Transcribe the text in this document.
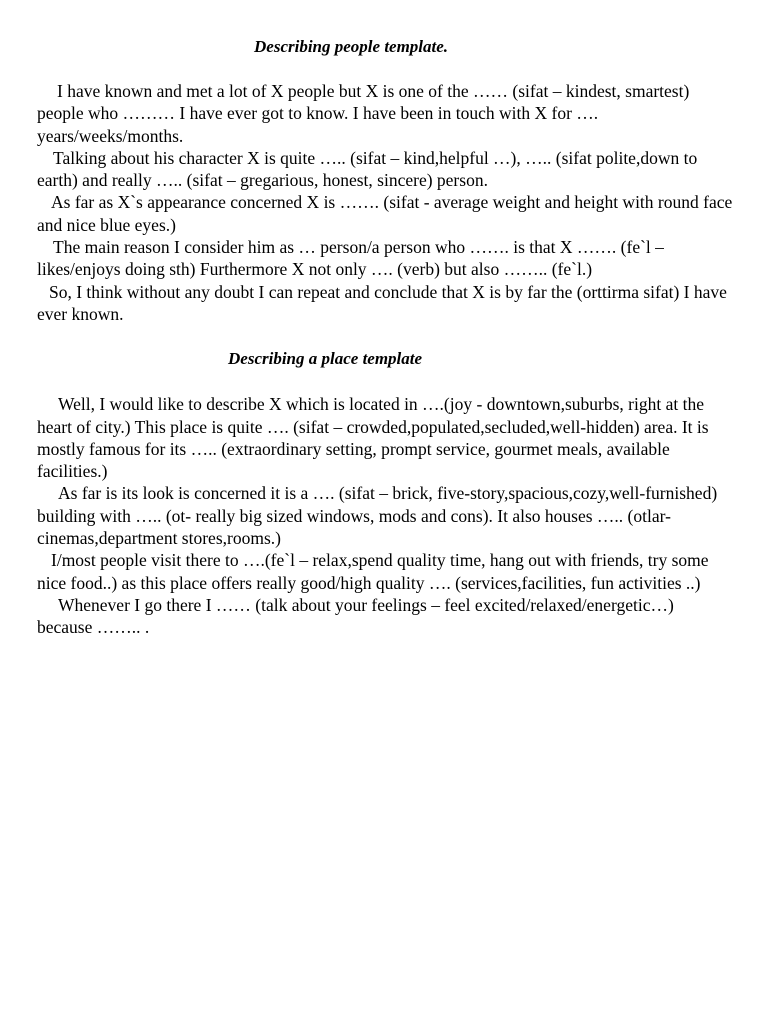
Describing people template.

I have known and met a lot of X people but X is one of the …… (sifat – kindest, smartest) people who ……… I have ever got to know. I have been in touch with X for …. years/weeks/months.

Talking about his character X is quite ….. (sifat – kind,helpful …), ….. (sifat polite,down to earth) and really ….. (sifat – gregarious, honest, sincere) person.

As far as X`s appearance concerned X is ……. (sifat - average weight and height with round face and nice blue eyes.)

The main reason I consider him as … person/a person who ……. is that X ……. (fe`l – likes/enjoys doing sth) Furthermore X not only …. (verb) but also …….. (fe`l.)

So, I think without any doubt I can repeat and conclude that X is by far the (orttirma sifat) I have ever known.

Describing a place template

Well, I would like to describe X which is located in ….(joy - downtown,suburbs, right at the heart of city.) This place is quite …. (sifat – crowded,populated,secluded,well-hidden) area. It is mostly famous for its ….. (extraordinary setting, prompt service, gourmet meals, available facilities.)

As far is its look is concerned it is a …. (sifat – brick, five-story,spacious,cozy,well-furnished) building with ….. (ot- really big sized windows, mods and cons). It also houses ….. (otlar- cinemas,department stores,rooms.)

I/most people visit there to ….(fe`l – relax,spend quality time, hang out with friends, try some nice food..) as this place offers really good/high quality …. (services,facilities, fun activities ..)

Whenever I go there I …… (talk about your feelings – feel excited/relaxed/energetic…) because …….. .
